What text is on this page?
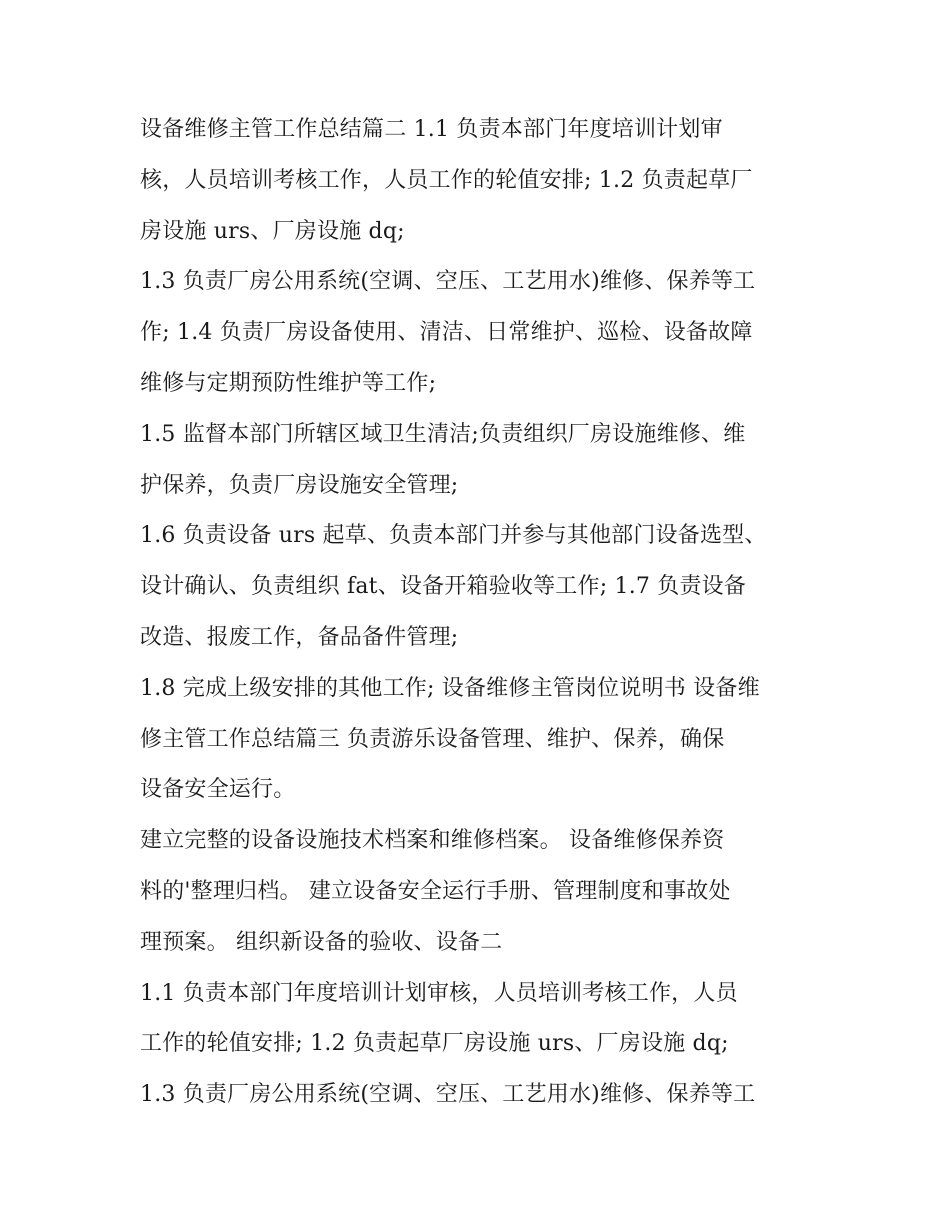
设备维修主管工作总结篇二 1.1 负责本部门年度培训计划审
核，人员培训考核工作，人员工作的轮值安排; 1.2 负责起草厂
房设施 urs、厂房设施 dq;
1.3 负责厂房公用系统(空调、空压、工艺用水)维修、保养等工
作; 1.4 负责厂房设备使用、清洁、日常维护、巡检、设备故障
维修与定期预防性维护等工作;
1.5 监督本部门所辖区域卫生清洁;负责组织厂房设施维修、维
护保养，负责厂房设施安全管理;
1.6 负责设备 urs 起草、负责本部门并参与其他部门设备选型、
设计确认、负责组织 fat、设备开箱验收等工作; 1.7 负责设备
改造、报废工作，备品备件管理;
1.8 完成上级安排的其他工作; 设备维修主管岗位说明书 设备维
修主管工作总结篇三 负责游乐设备管理、维护、保养，确保
设备安全运行。
建立完整的设备设施技术档案和维修档案。 设备维修保养资
料的'整理归档。 建立设备安全运行手册、管理制度和事故处
理预案。 组织新设备的验收、设备二
1.1 负责本部门年度培训计划审核，人员培训考核工作，人员
工作的轮值安排; 1.2 负责起草厂房设施 urs、厂房设施 dq;
1.3 负责厂房公用系统(空调、空压、工艺用水)维修、保养等工
